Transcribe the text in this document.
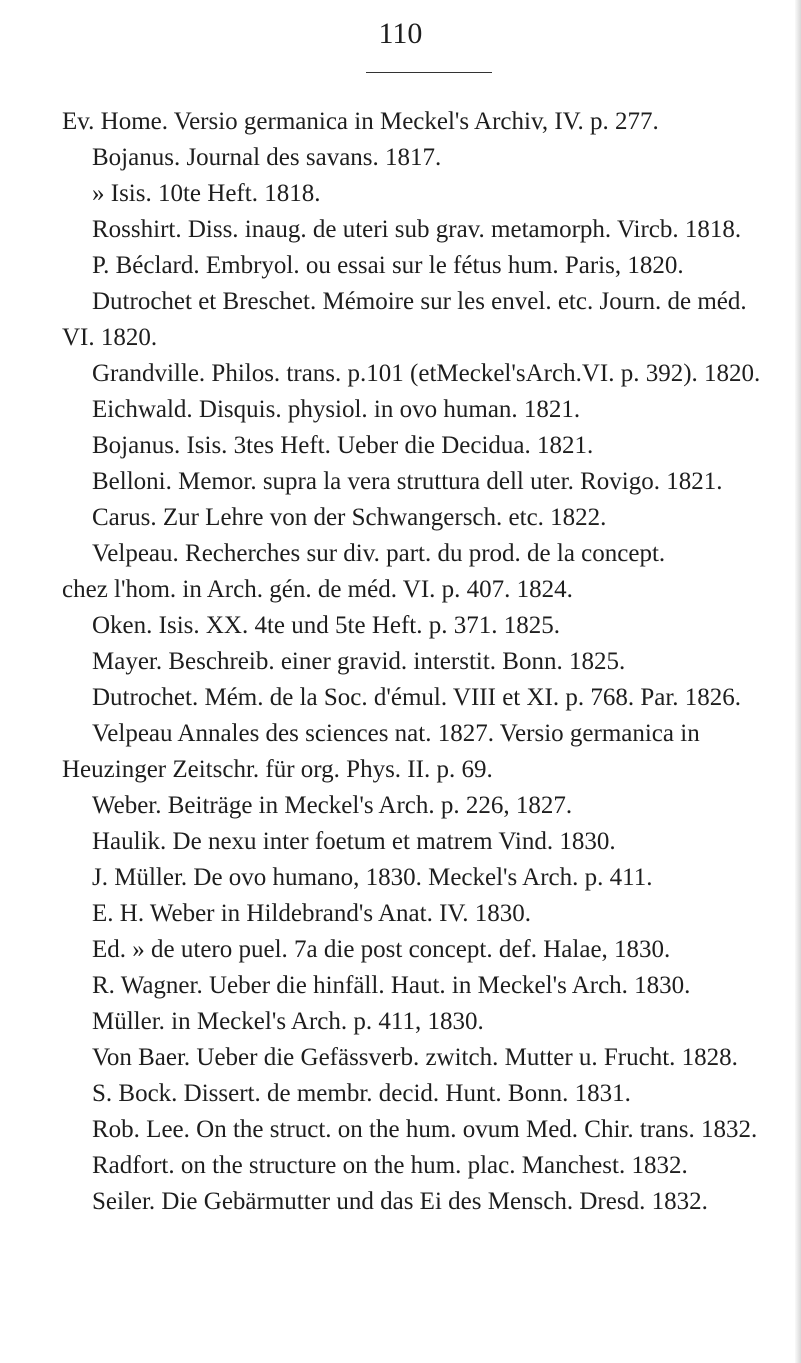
110
Ev. Home. Versio germanica in Meckel's Archiv, IV. p. 277.
Bojanus. Journal des savans. 1817.
» Isis. 10te Heft. 1818.
Rosshirt. Diss. inaug. de uteri sub grav. metamorph. Vircb. 1818.
P. Béclard. Embryol. ou essai sur le fétus hum. Paris, 1820.
Dutrochet et Breschet. Mémoire sur les envel. etc. Journ. de méd.
VI. 1820.
Grandville. Philos. trans. p.101 (etMeckel'sArch.VI. p. 392). 1820.
Eichwald. Disquis. physiol. in ovo human. 1821.
Bojanus. Isis. 3tes Heft. Ueber die Decidua. 1821.
Belloni. Memor. supra la vera struttura dell uter. Rovigo. 1821.
Carus. Zur Lehre von der Schwangersch. etc. 1822.
Velpeau. Recherches sur div. part. du prod. de la concept.
chez l'hom. in Arch. gén. de méd. VI. p. 407. 1824.
Oken. Isis. XX. 4te und 5te Heft. p. 371. 1825.
Mayer. Beschreib. einer gravid. interstit. Bonn. 1825.
Dutrochet. Mém. de la Soc. d'émul. VIII et XI. p. 768. Par. 1826.
Velpeau Annales des sciences nat. 1827. Versio germanica in
Heuzinger Zeitschr. für org. Phys. II. p. 69.
Weber. Beiträge in Meckel's Arch. p. 226, 1827.
Haulik. De nexu inter foetum et matrem Vind. 1830.
J. Müller. De ovo humano, 1830. Meckel's Arch. p. 411.
E. H. Weber in Hildebrand's Anat. IV. 1830.
Ed. » de utero puel. 7a die post concept. def. Halae, 1830.
R. Wagner. Ueber die hinfäll. Haut. in Meckel's Arch. 1830.
Müller. in Meckel's Arch. p. 411, 1830.
Von Baer. Ueber die Gefässverb. zwitch. Mutter u. Frucht. 1828.
S. Bock. Dissert. de membr. decid. Hunt. Bonn. 1831.
Rob. Lee. On the struct. on the hum. ovum Med. Chir. trans. 1832.
Radfort. on the structure on the hum. plac. Manchest. 1832.
Seiler. Die Gebärmutter und das Ei des Mensch. Dresd. 1832.
